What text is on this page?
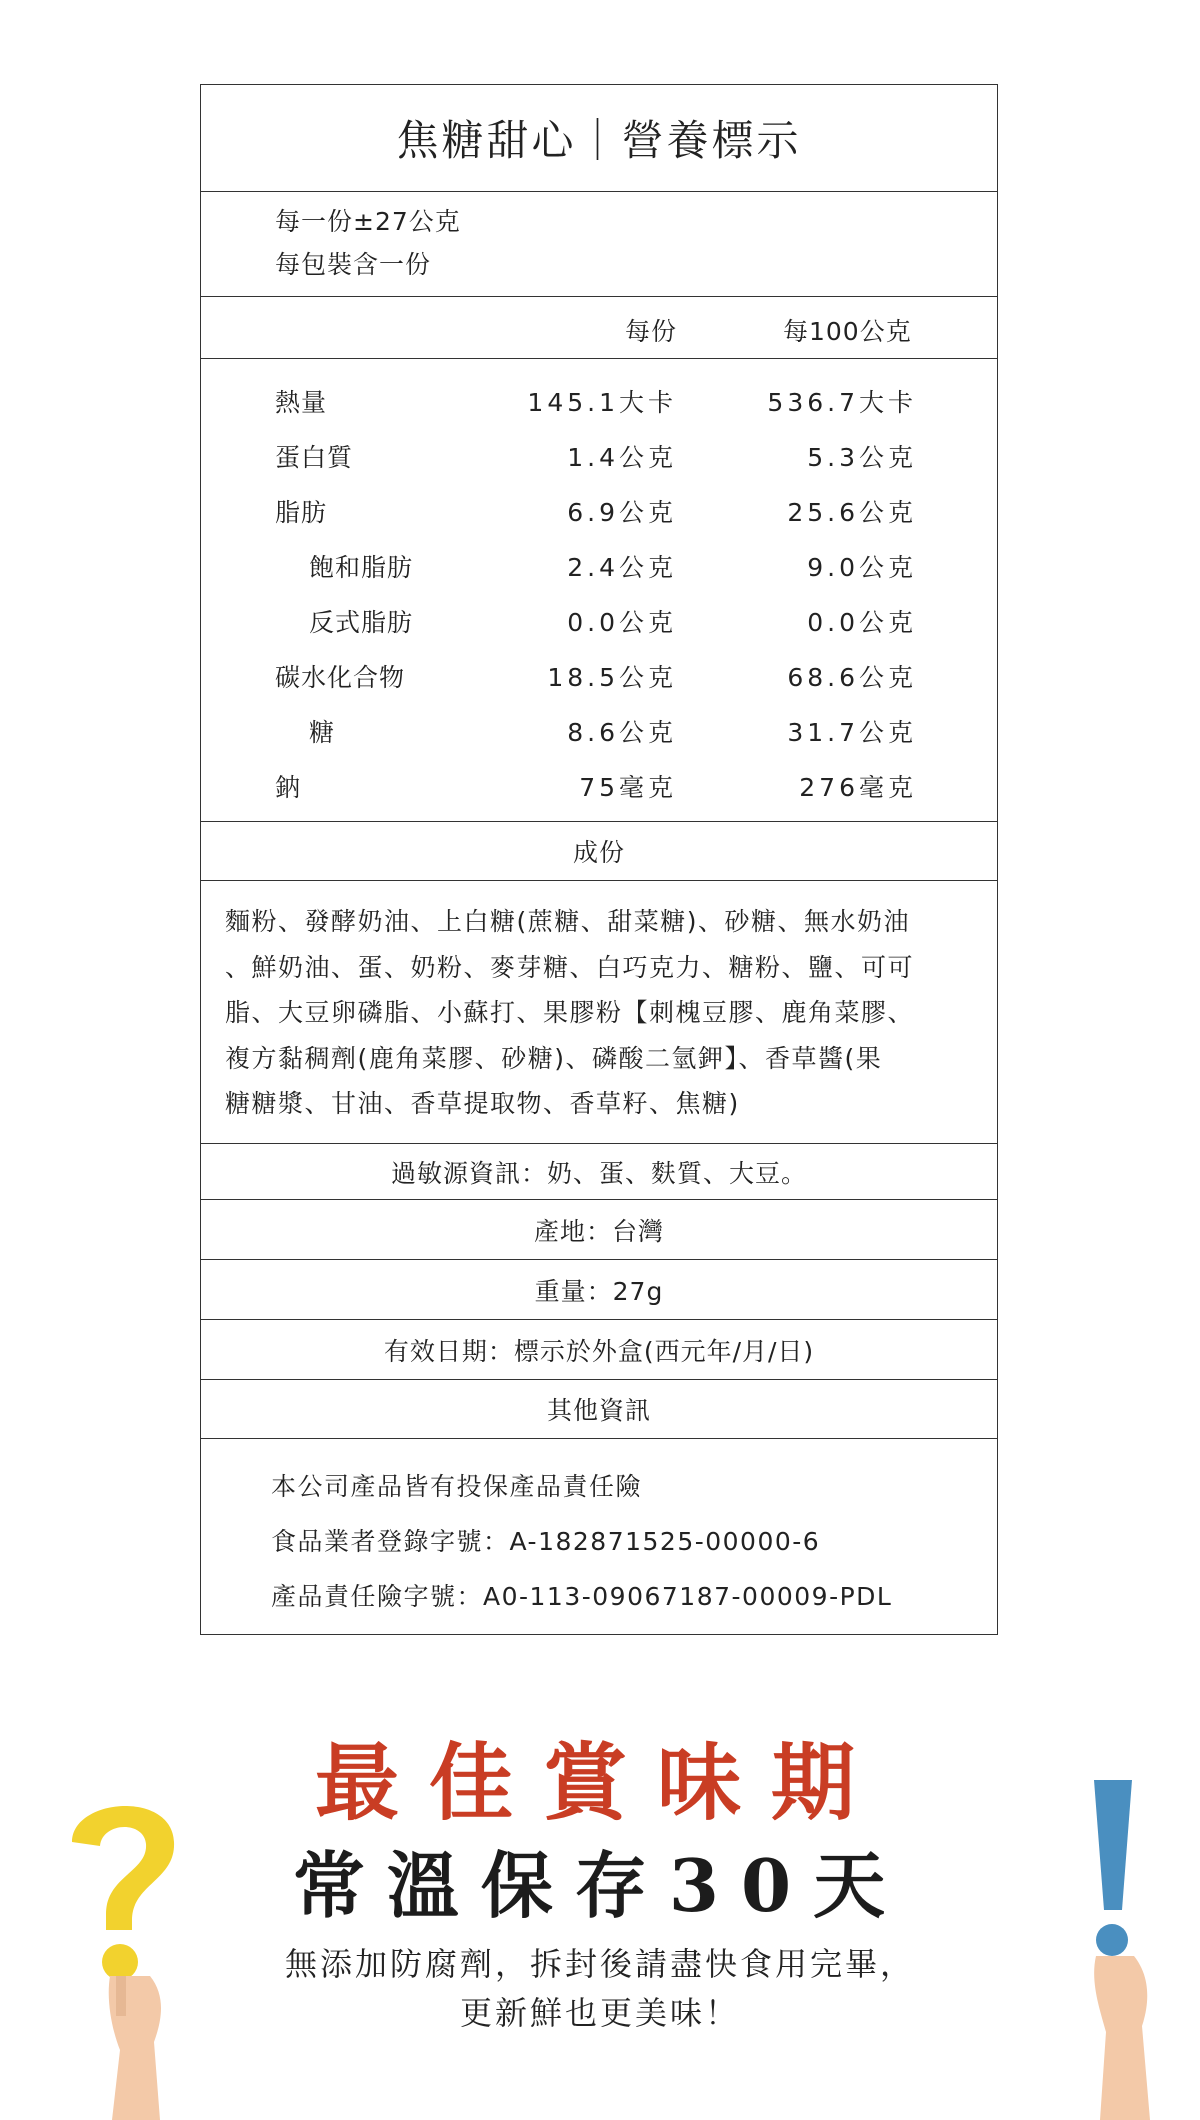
焦糖甜心｜營養標示
每一份±27公克
每包裝含一份
每份	每100公克
熱量	145.1大卡	536.7大卡
蛋白質	1.4公克	5.3公克
脂肪	6.9公克	25.6公克
飽和脂肪	2.4公克	9.0公克
反式脂肪	0.0公克	0.0公克
碳水化合物	18.5公克	68.6公克
糖	8.6公克	31.7公克
鈉	75毫克	276毫克
成份
麵粉、發酵奶油、上白糖(蔗糖、甜菜糖)、砂糖、無水奶油
、鮮奶油、蛋、奶粉、麥芽糖、白巧克力、糖粉、鹽、可可
脂、大豆卵磷脂、小蘇打、果膠粉【刺槐豆膠、鹿角菜膠、
複方黏稠劑(鹿角菜膠、砂糖)、磷酸二氫鉀】、香草醬(果
糖糖漿、甘油、香草提取物、香草籽、焦糖)
過敏源資訊：奶、蛋、麩質、大豆。
產地：台灣
重量：27g
有效日期：標示於外盒(西元年/月/日)
其他資訊
本公司產品皆有投保產品責任險
食品業者登錄字號：A-182871525-00000-6
產品責任險字號：A0-113-09067187-00009-PDL
最佳賞味期
常溫保存30天
無添加防腐劑，拆封後請盡快食用完畢，
更新鮮也更美味！
